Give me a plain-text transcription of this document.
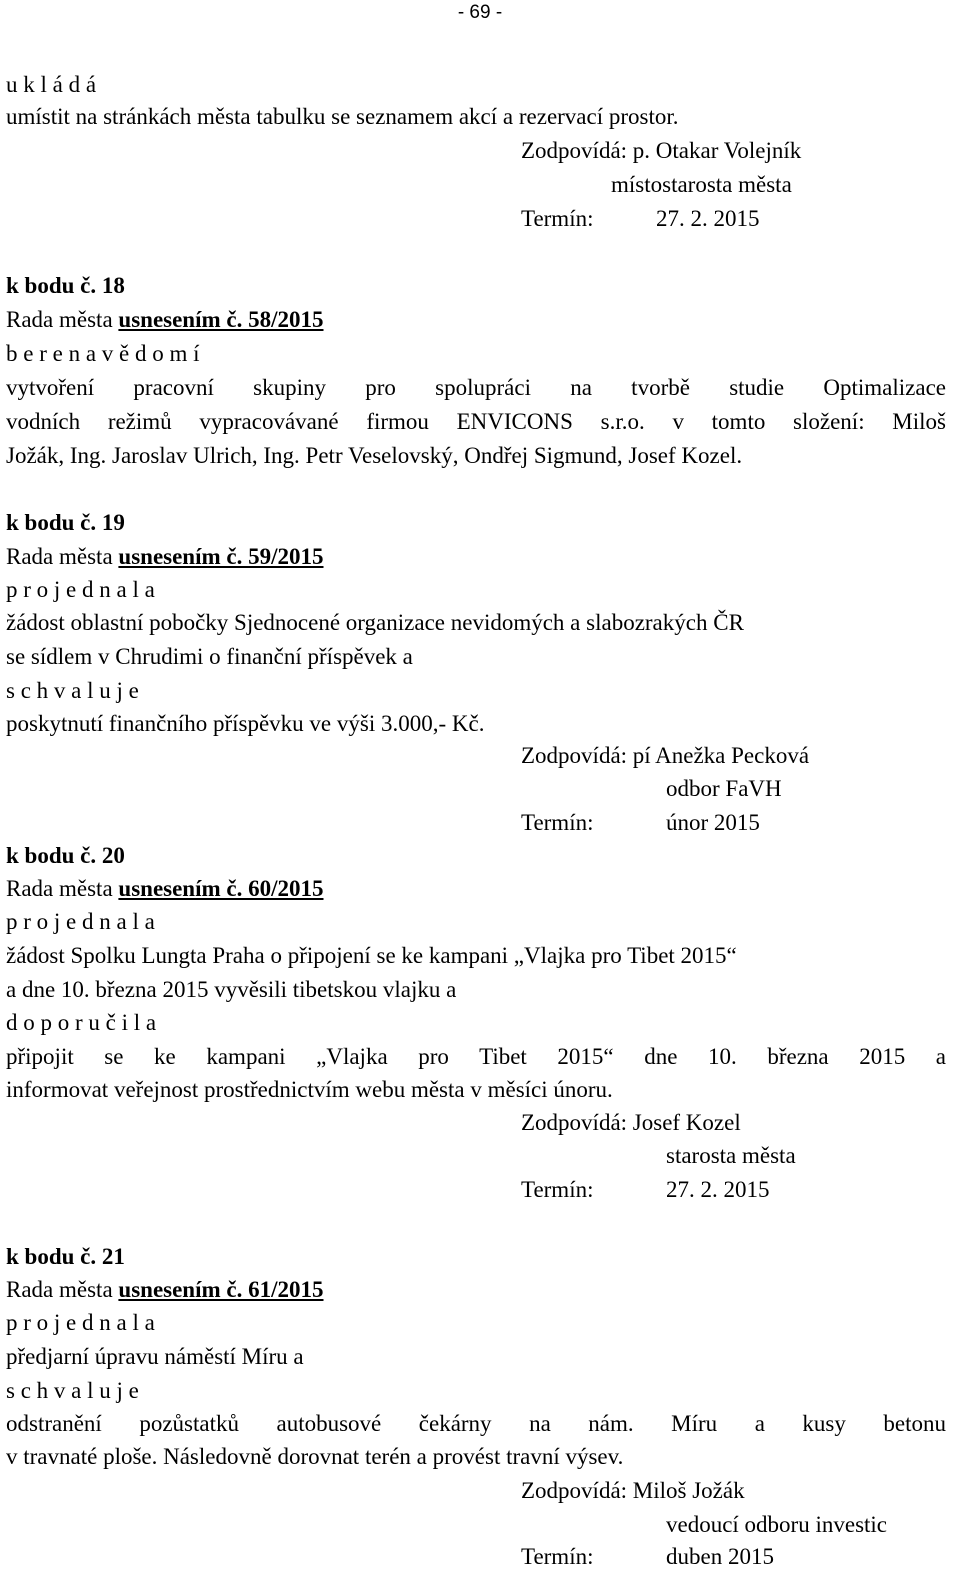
- 69 -
u k l á d á
umístit na stránkách města tabulku se seznamem akcí a rezervací prostor.
Zodpovídá: p. Otakar Volejník
místostarosta města
Termín:	27. 2. 2015
k bodu č. 18
Rada města usnesením č. 58/2015
b e r e n a v ě d o m í
vytvoření pracovní skupiny pro spolupráci na tvorbě studie Optimalizace
vodních režimů vypracovávané firmou ENVICONS s.r.o. v tomto složení: Miloš
Jožák, Ing. Jaroslav Ulrich, Ing. Petr Veselovský, Ondřej Sigmund, Josef Kozel.
k bodu č. 19
Rada města usnesením č. 59/2015
p r o j e d n a l a
žádost oblastní pobočky Sjednocené organizace nevidomých a slabozrakých ČR
se sídlem v Chrudimi o finanční příspěvek a
s c h v a l u j e
poskytnutí finančního příspěvku ve výši 3.000,- Kč.
Zodpovídá: pí Anežka Pecková
odbor FaVH
Termín:	únor 2015
k bodu č. 20
Rada města usnesením č. 60/2015
p r o j e d n a l a
žádost Spolku Lungta Praha o připojení se ke kampani „Vlajka pro Tibet 2015“
a dne 10. března 2015 vyvěsili tibetskou vlajku a
d o p o r u č i l a
připojit se ke kampani „Vlajka pro Tibet 2015“ dne 10. března 2015 a
informovat veřejnost prostřednictvím webu města v měsíci únoru.
Zodpovídá: Josef Kozel
starosta města
Termín:	27. 2. 2015
k bodu č. 21
Rada města usnesením č. 61/2015
p r o j e d n a l a
předjarní úpravu náměstí Míru a
s c h v a l u j e
odstranění pozůstatků autobusové čekárny na nám. Míru a kusy betonu
v travnaté ploše. Následovně dorovnat terén a provést travní výsev.
Zodpovídá: Miloš Jožák
vedoucí odboru investic
Termín:	duben 2015
